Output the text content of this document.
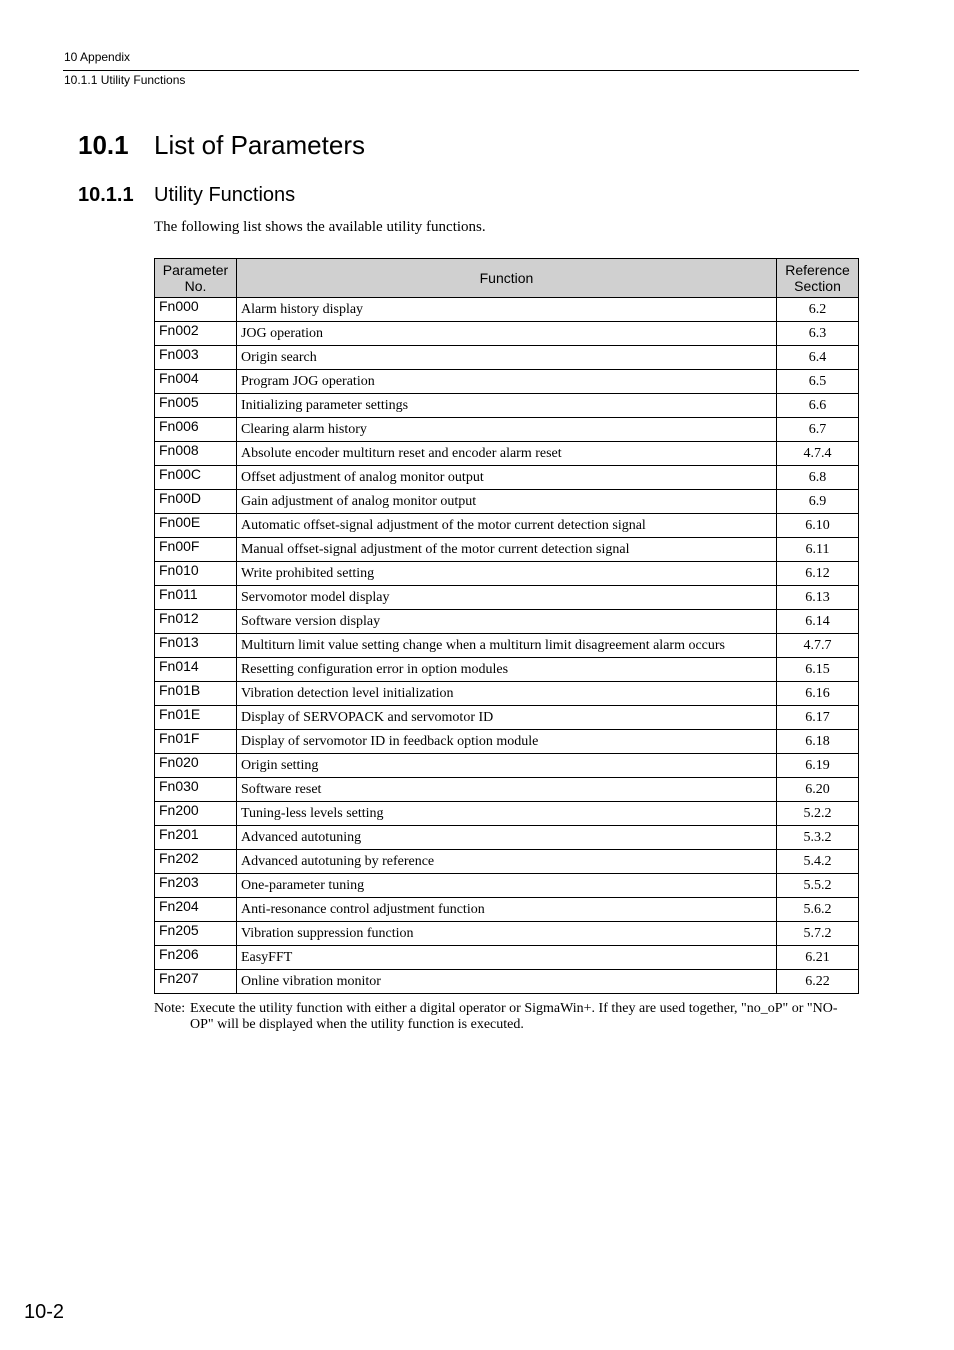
10 Appendix
10.1.1 Utility Functions
10.1 List of Parameters
10.1.1 Utility Functions
The following list shows the available utility functions.
Parameter No.	Function	Reference Section
Fn000	Alarm history display	6.2
Fn002	JOG operation	6.3
Fn003	Origin search	6.4
Fn004	Program JOG operation	6.5
Fn005	Initializing parameter settings	6.6
Fn006	Clearing alarm history	6.7
Fn008	Absolute encoder multiturn reset and encoder alarm reset	4.7.4
Fn00C	Offset adjustment of analog monitor output	6.8
Fn00D	Gain adjustment of analog monitor output	6.9
Fn00E	Automatic offset-signal adjustment of the motor current detection signal	6.10
Fn00F	Manual offset-signal adjustment of the motor current detection signal	6.11
Fn010	Write prohibited setting	6.12
Fn011	Servomotor model display	6.13
Fn012	Software version display	6.14
Fn013	Multiturn limit value setting change when a multiturn limit disagreement alarm occurs	4.7.7
Fn014	Resetting configuration error in option modules	6.15
Fn01B	Vibration detection level initialization	6.16
Fn01E	Display of SERVOPACK and servomotor ID	6.17
Fn01F	Display of servomotor ID in feedback option module	6.18
Fn020	Origin setting	6.19
Fn030	Software reset	6.20
Fn200	Tuning-less levels setting	5.2.2
Fn201	Advanced autotuning	5.3.2
Fn202	Advanced autotuning by reference	5.4.2
Fn203	One-parameter tuning	5.5.2
Fn204	Anti-resonance control adjustment function	5.6.2
Fn205	Vibration suppression function	5.7.2
Fn206	EasyFFT	6.21
Fn207	Online vibration monitor	6.22
Note: Execute the utility function with either a digital operator or SigmaWin+. If they are used together, "no_oP" or "NO-OP" will be displayed when the utility function is executed.
10-2
